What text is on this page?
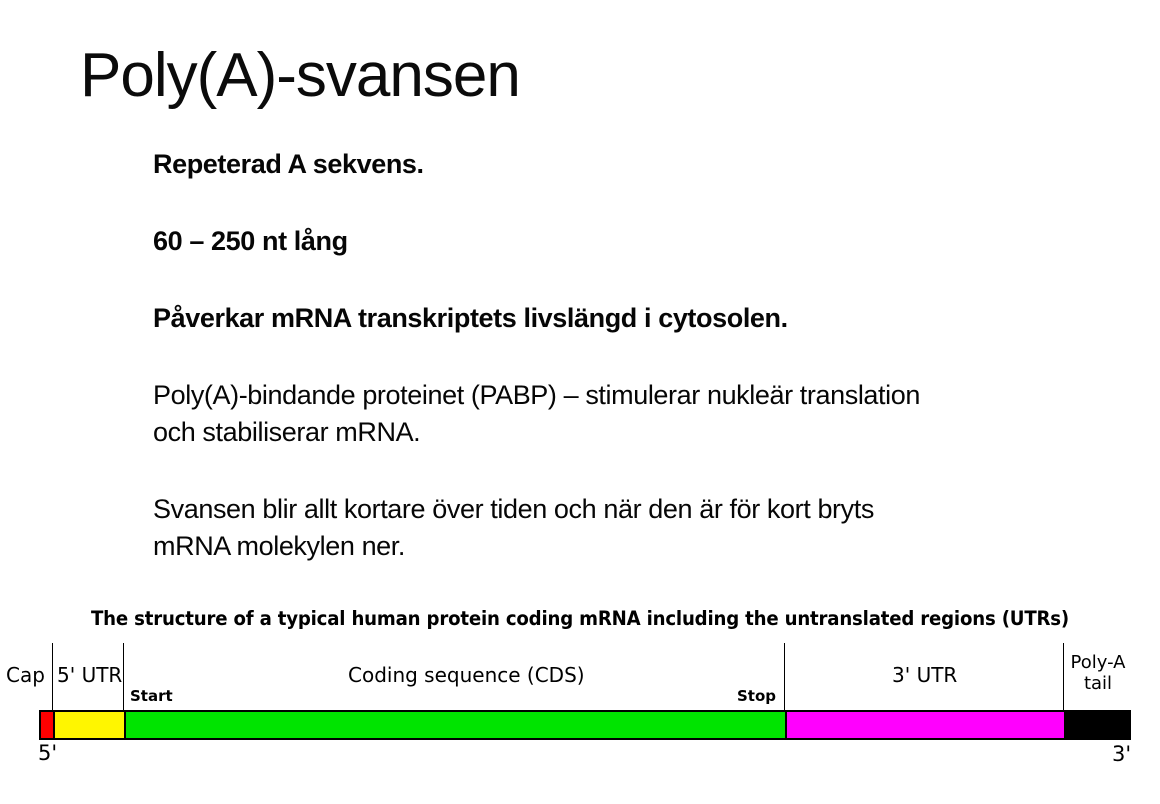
Poly(A)-svansen

Repeterad A sekvens.

60 – 250 nt lång

Påverkar mRNA transkriptets livslängd i cytosolen.

Poly(A)-bindande proteinet (PABP) – stimulerar nukleär translation
och stabiliserar mRNA.

Svansen blir allt kortare över tiden och när den är för kort bryts
mRNA molekylen ner.

The structure of a typical human protein coding mRNA including the untranslated regions (UTRs)
Cap 5' UTR
Start
Coding sequence (CDS)
Stop
3' UTR
Poly-A
tail
5'	3'
